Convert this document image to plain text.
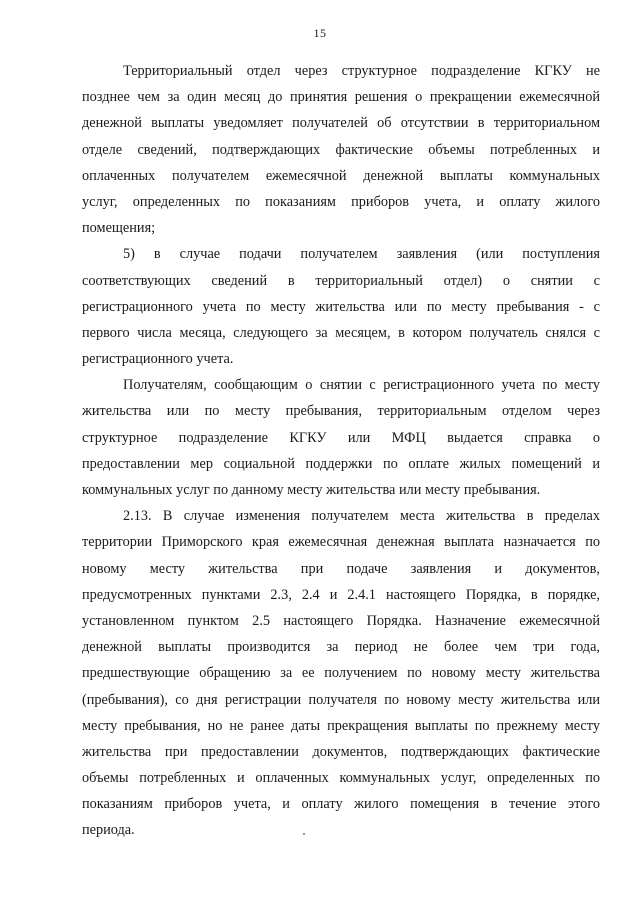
15
Территориальный отдел через структурное подразделение КГКУ не
позднее чем за один месяц до принятия решения о прекращении ежемесячной
денежной выплаты уведомляет получателей об отсутствии в территориальном
отделе сведений, подтверждающих фактические объемы потребленных и
оплаченных получателем ежемесячной денежной выплаты коммунальных
услуг, определенных по показаниям приборов учета, и оплату жилого
помещения;
5) в случае подачи получателем заявления (или поступления
соответствующих сведений в территориальный отдел) о снятии с
регистрационного учета по месту жительства или по месту пребывания - с
первого числа месяца, следующего за месяцем, в котором получатель снялся с
регистрационного учета.
Получателям, сообщающим о снятии с регистрационного учета по месту
жительства или по месту пребывания, территориальным отделом через
структурное подразделение КГКУ или МФЦ выдается справка о
предоставлении мер социальной поддержки по оплате жилых помещений и
коммунальных услуг по данному месту жительства или месту пребывания.
2.13. В случае изменения получателем места жительства в пределах
территории Приморского края ежемесячная денежная выплата назначается по
новому месту жительства при подаче заявления и документов,
предусмотренных пунктами 2.3, 2.4 и 2.4.1 настоящего Порядка, в порядке,
установленном пунктом 2.5 настоящего Порядка. Назначение ежемесячной
денежной выплаты производится за период не более чем три года,
предшествующие обращению за ее получением по новому месту жительства
(пребывания), со дня регистрации получателя по новому месту жительства или
месту пребывания, но не ранее даты прекращения выплаты по прежнему месту
жительства при предоставлении документов, подтверждающих фактические
объемы потребленных и оплаченных коммунальных услуг, определенных по
показаниям приборов учета, и оплату жилого помещения в течение этого
периода.
